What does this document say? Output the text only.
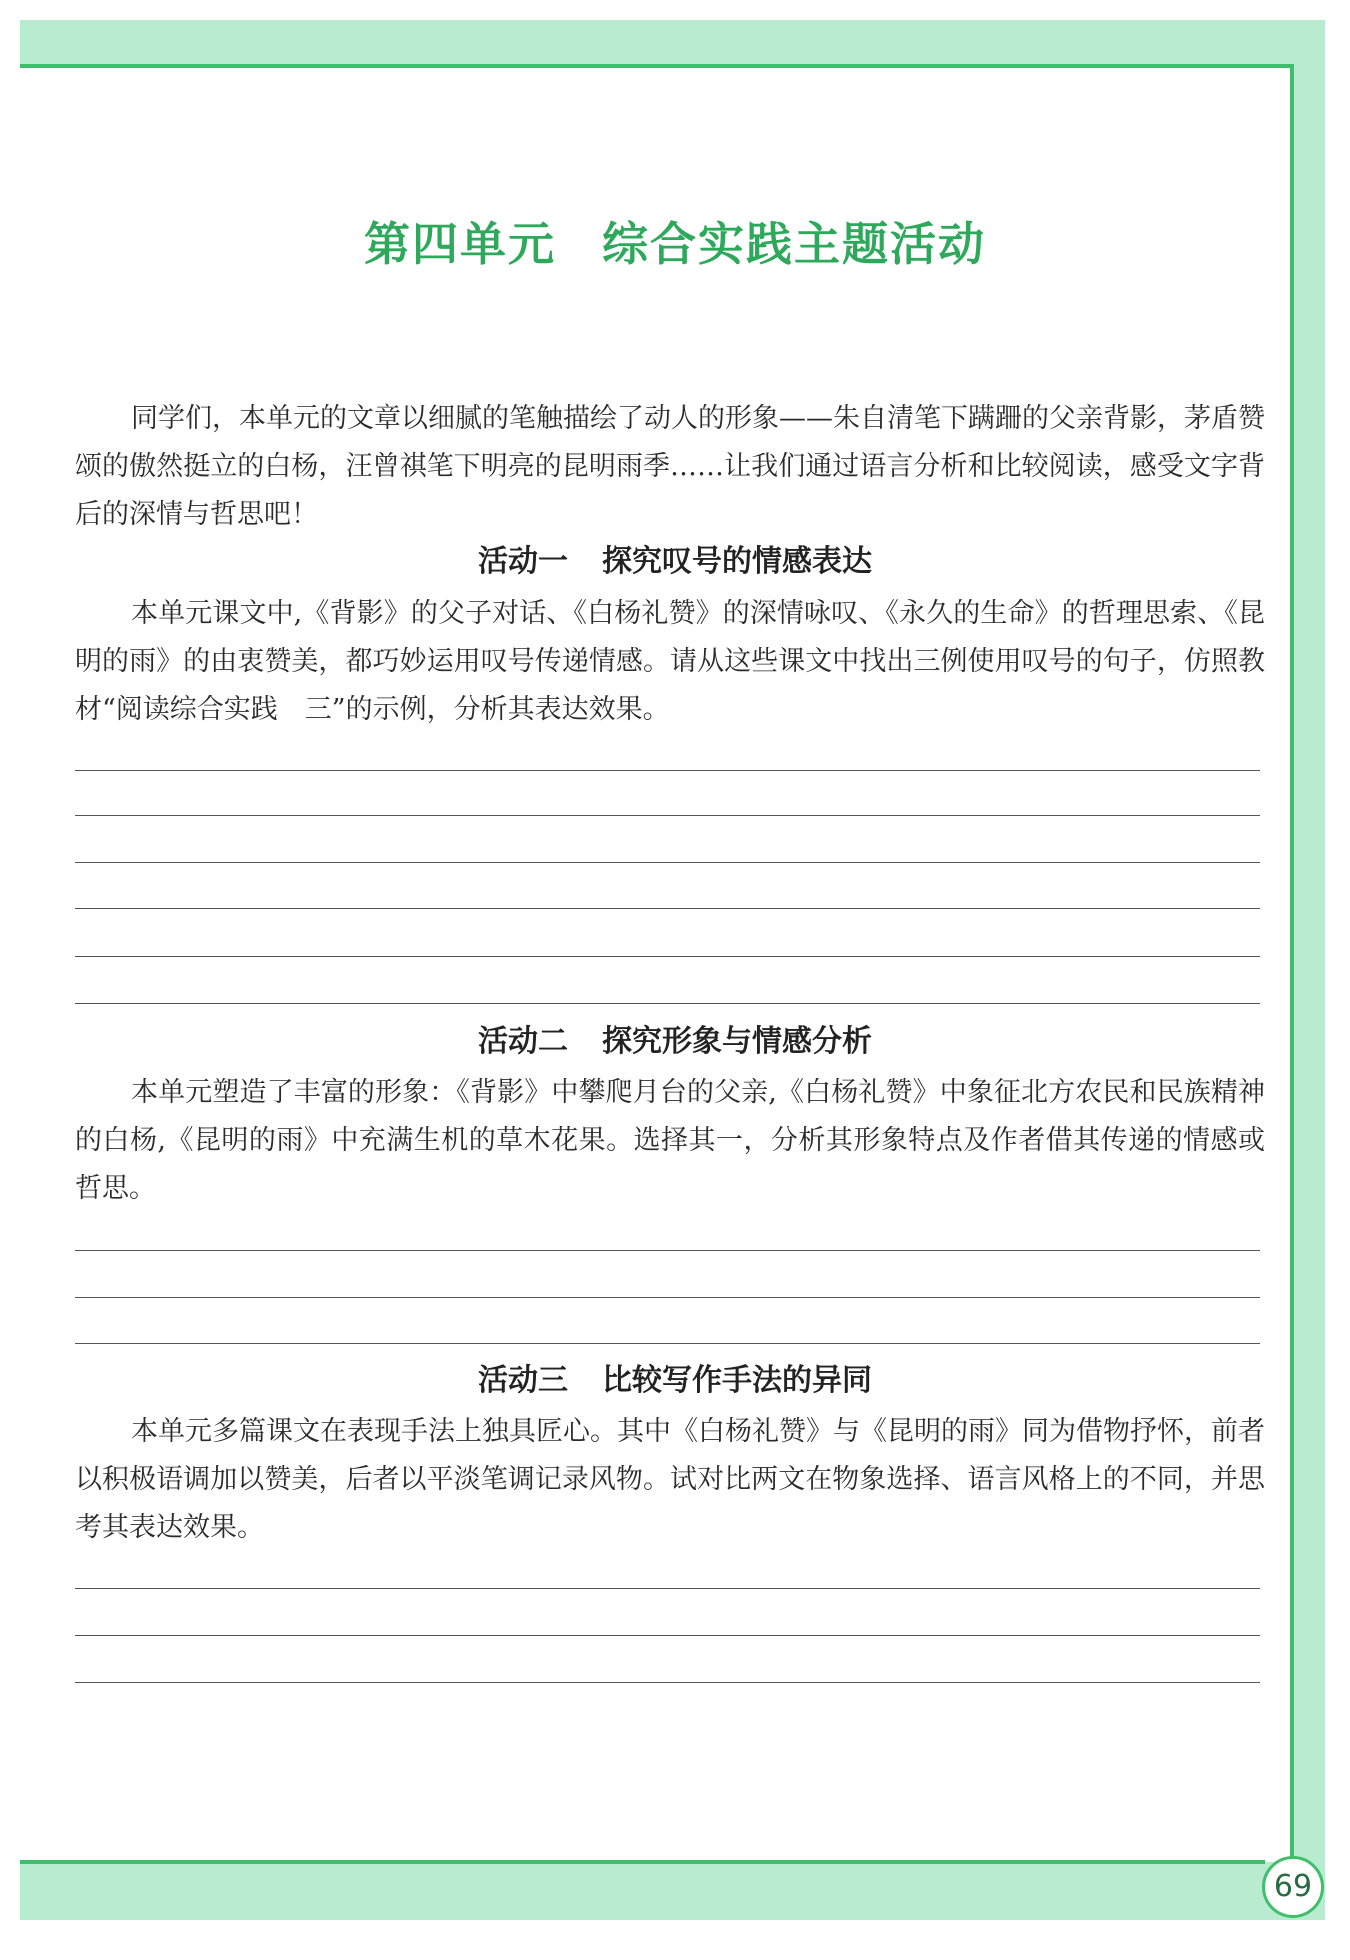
第四单元 综合实践主题活动

同学们，本单元的文章以细腻的笔触描绘了动人的形象——朱自清笔下蹒跚的父亲背影，茅盾赞颂的傲然挺立的白杨，汪曾祺笔下明亮的昆明雨季……让我们通过语言分析和比较阅读，感受文字背后的深情与哲思吧！

活动一 探究叹号的情感表达

本单元课文中,《背影》的父子对话、《白杨礼赞》的深情咏叹、《永久的生命》的哲理思索、《昆明的雨》的由衷赞美，都巧妙运用叹号传递情感。请从这些课文中找出三例使用叹号的句子，仿照教材“阅读综合实践　三”的示例，分析其表达效果。

活动二 探究形象与情感分析

本单元塑造了丰富的形象：《背影》中攀爬月台的父亲,《白杨礼赞》中象征北方农民和民族精神的白杨,《昆明的雨》中充满生机的草木花果。选择其一，分析其形象特点及作者借其传递的情感或哲思。

活动三 比较写作手法的异同

本单元多篇课文在表现手法上独具匠心。其中《白杨礼赞》与《昆明的雨》同为借物抒怀，前者以积极语调加以赞美，后者以平淡笔调记录风物。试对比两文在物象选择、语言风格上的不同，并思考其表达效果。

69
